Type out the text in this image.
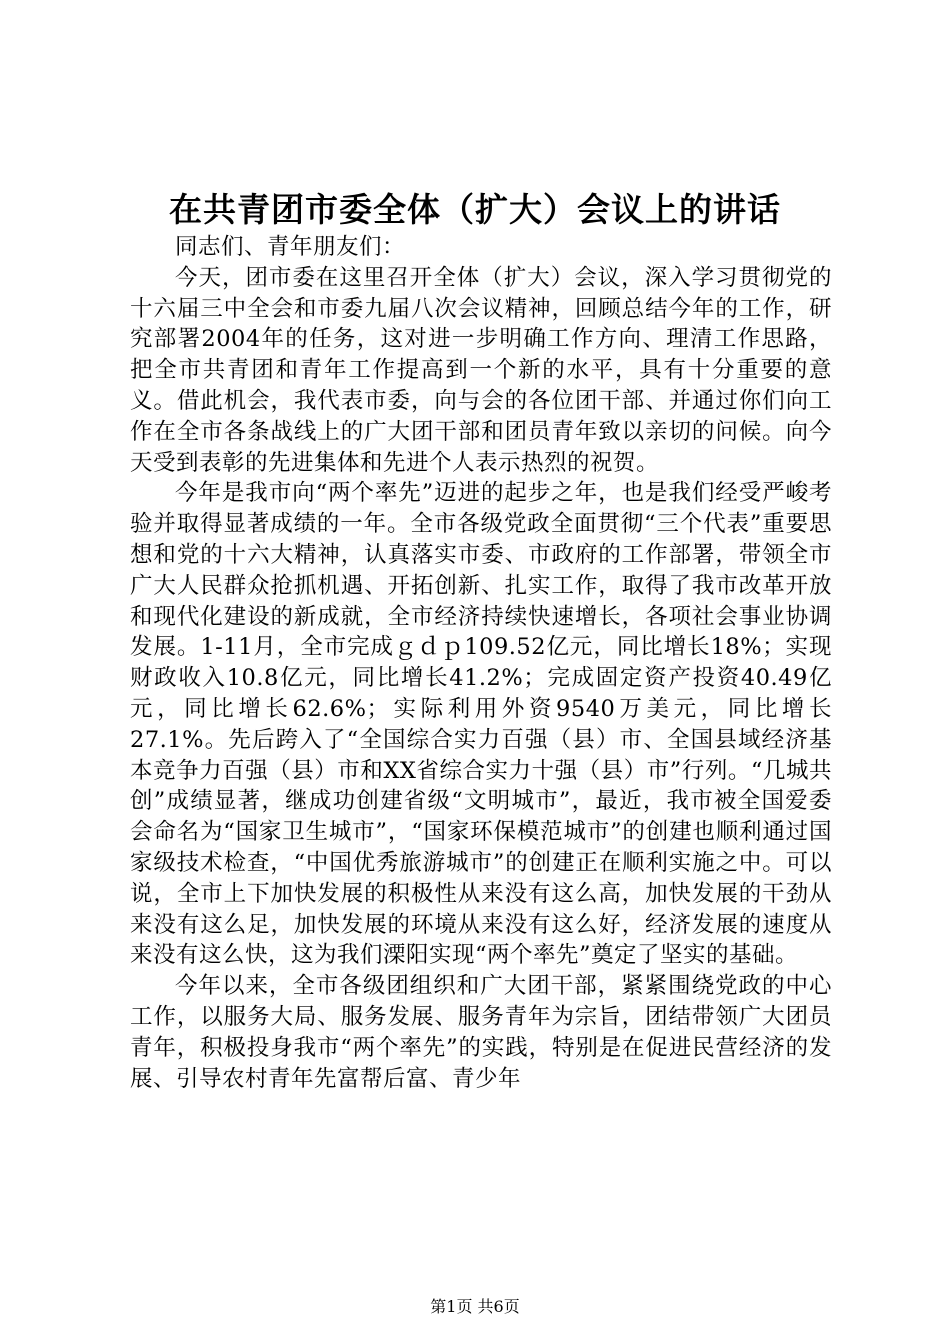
在共青团市委全体（扩大）会议上的讲话

同志们、青年朋友们：

今天，团市委在这里召开全体（扩大）会议，深入学习贯彻党的十六届三中全会和市委九届八次会议精神，回顾总结今年的工作，研究部署2004年的任务，这对进一步明确工作方向、理清工作思路，把全市共青团和青年工作提高到一个新的水平，具有十分重要的意义。借此机会，我代表市委，向与会的各位团干部、并通过你们向工作在全市各条战线上的广大团干部和团员青年致以亲切的问候。向今天受到表彰的先进集体和先进个人表示热烈的祝贺。

今年是我市向“两个率先”迈进的起步之年，也是我们经受严峻考验并取得显著成绩的一年。全市各级党政全面贯彻“三个代表”重要思想和党的十六大精神，认真落实市委、市政府的工作部署，带领全市广大人民群众抢抓机遇、开拓创新、扎实工作，取得了我市改革开放和现代化建设的新成就，全市经济持续快速增长，各项社会事业协调发展。1-11月，全市完成ｇｄｐ109.52亿元，同比增长18%；实现财政收入10.8亿元，同比增长41.2%；完成固定资产投资40.49亿元，同比增长62.6%；实际利用外资9540万美元，同比增长27.1%。先后跨入了“全国综合实力百强（县）市、全国县域经济基本竞争力百强（县）市和XX省综合实力十强（县）市”行列。“几城共创”成绩显著，继成功创建省级“文明城市”，最近，我市被全国爱委会命名为“国家卫生城市”，“国家环保模范城市”的创建也顺利通过国家级技术检查，“中国优秀旅游城市”的创建正在顺利实施之中。可以说，全市上下加快发展的积极性从来没有这么高，加快发展的干劲从来没有这么足，加快发展的环境从来没有这么好，经济发展的速度从来没有这么快，这为我们溧阳实现“两个率先”奠定了坚实的基础。

今年以来，全市各级团组织和广大团干部，紧紧围绕党政的中心工作，以服务大局、服务发展、服务青年为宗旨，团结带领广大团员青年，积极投身我市“两个率先”的实践，特别是在促进民营经济的发展、引导农村青年先富帮后富、青少年

第1页 共6页
